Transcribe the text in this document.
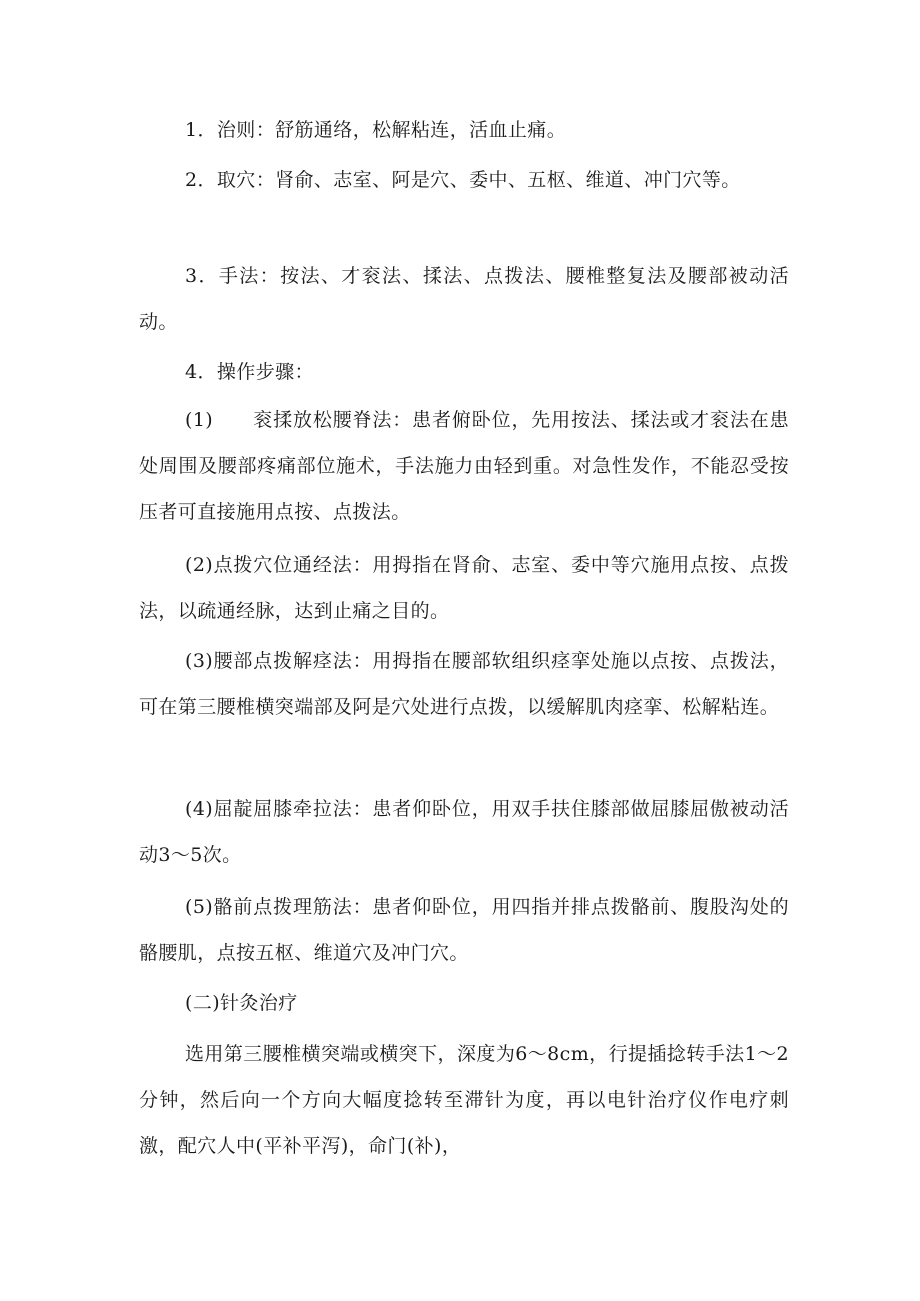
1．治则：舒筋通络，松解粘连，活血止痛。

2．取穴：肾俞、志室、阿是穴、委中、五枢、维道、冲门穴等。

3．手法：按法、才衮法、揉法、点拨法、腰椎整复法及腰部被动活动。

4．操作步骤：

(1)　　衮揉放松腰脊法：患者俯卧位，先用按法、揉法或才衮法在患处周围及腰部疼痛部位施术，手法施力由轻到重。对急性发作，不能忍受按压者可直接施用点按、点拨法。

(2)点拨穴位通经法：用拇指在肾俞、志室、委中等穴施用点按、点拨法，以疏通经脉，达到止痛之目的。

(3)腰部点拨解痉法：用拇指在腰部软组织痉挛处施以点按、点拨法，可在第三腰椎横突端部及阿是穴处进行点拨，以缓解肌肉痉挛、松解粘连。

(4)屈靛屈膝牵拉法：患者仰卧位，用双手扶住膝部做屈膝屈傲被动活动3～5次。

(5)骼前点拨理筋法：患者仰卧位，用四指并排点拨骼前、腹股沟处的骼腰肌，点按五枢、维道穴及冲门穴。

(二)针灸治疗

选用第三腰椎横突端或横突下，深度为6～8cm，行提插捻转手法1～2分钟，然后向一个方向大幅度捻转至滞针为度，再以电针治疗仪作电疗刺激，配穴人中(平补平泻)，命门(补)，
